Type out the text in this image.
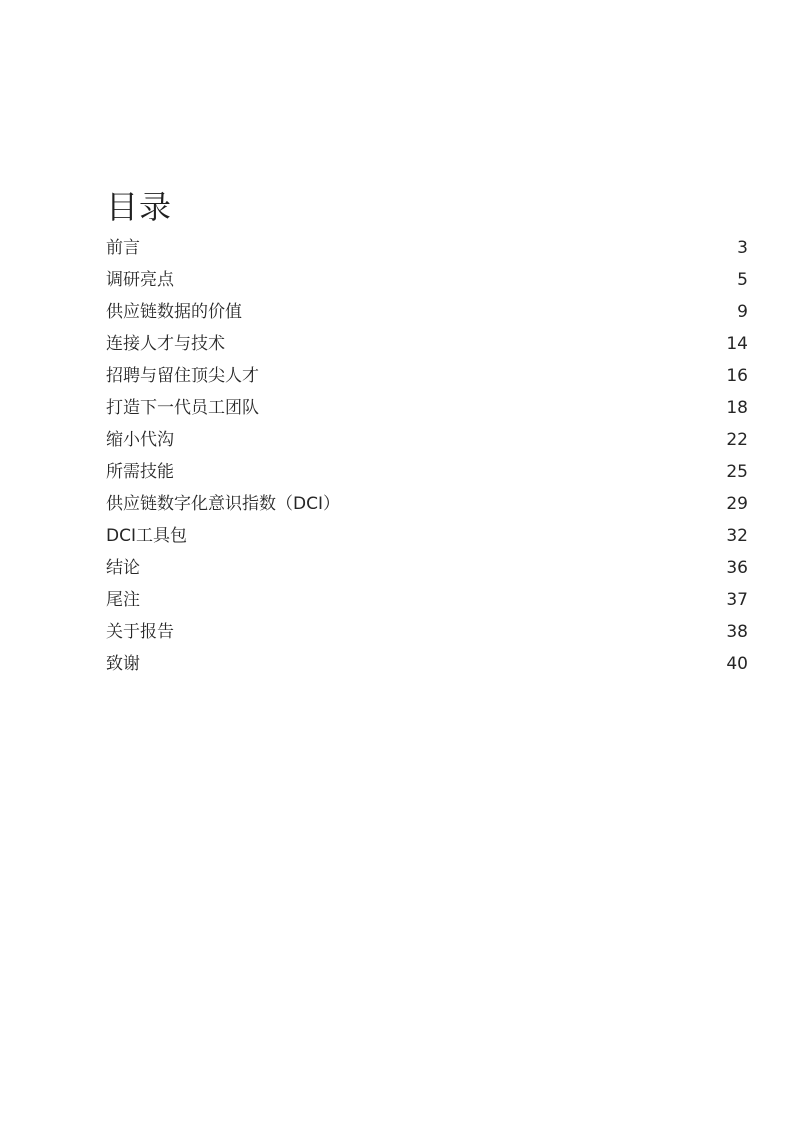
目录
前言	3
调研亮点	5
供应链数据的价值	9
连接人才与技术	14
招聘与留住顶尖人才	16
打造下一代员工团队	18
缩小代沟	22
所需技能	25
供应链数字化意识指数（DCI）	29
DCI工具包	32
结论	36
尾注	37
关于报告	38
致谢	40
